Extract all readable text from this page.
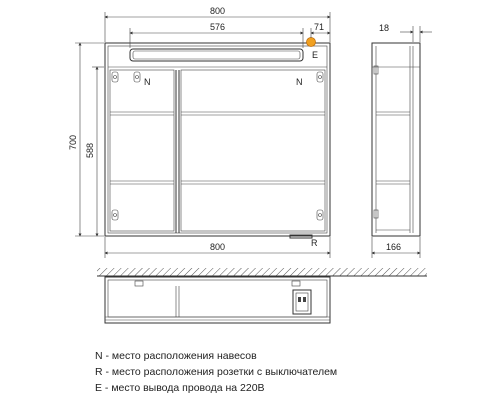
N	N
R
E
800
576	71
700
588
800
18
166
N - место расположения навесов
R - место расположения розетки с выключателем
E - место вывода провода на 220В
